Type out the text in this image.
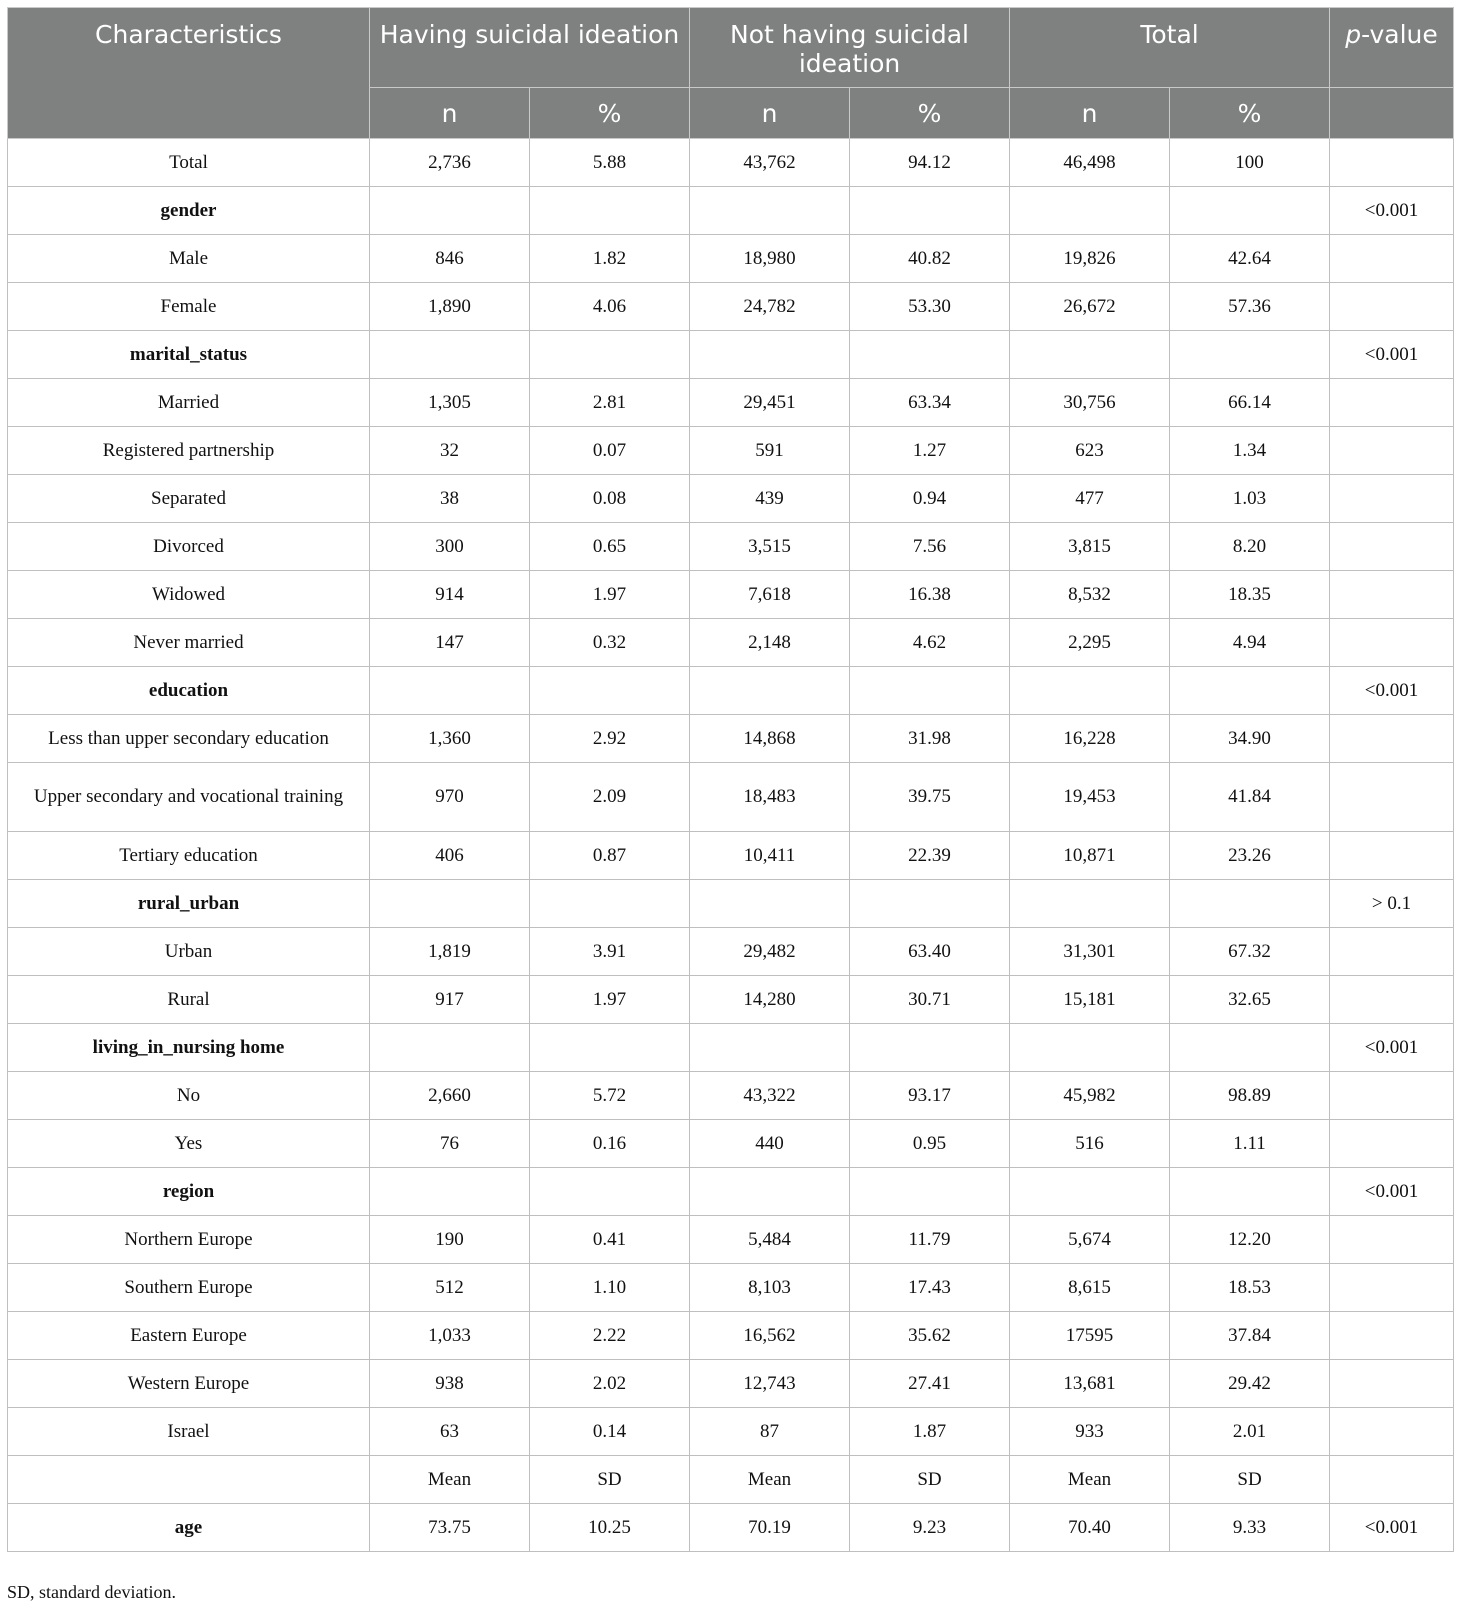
Characteristics	Having suicidal ideation		Not having suicidal ideation		Total		p-value
	n	%	n	%	n	%	
Total	2,736	5.88	43,762	94.12	46,498	100	
gender							<0.001
Male	846	1.82	18,980	40.82	19,826	42.64	
Female	1,890	4.06	24,782	53.30	26,672	57.36	
marital_status							<0.001
Married	1,305	2.81	29,451	63.34	30,756	66.14	
Registered partnership	32	0.07	591	1.27	623	1.34	
Separated	38	0.08	439	0.94	477	1.03	
Divorced	300	0.65	3,515	7.56	3,815	8.20	
Widowed	914	1.97	7,618	16.38	8,532	18.35	
Never married	147	0.32	2,148	4.62	2,295	4.94	
education							<0.001
Less than upper secondary education	1,360	2.92	14,868	31.98	16,228	34.90	
Upper secondary and vocational training	970	2.09	18,483	39.75	19,453	41.84	
Tertiary education	406	0.87	10,411	22.39	10,871	23.26	
rural_urban							> 0.1
Urban	1,819	3.91	29,482	63.40	31,301	67.32	
Rural	917	1.97	14,280	30.71	15,181	32.65	
living_in_nursing home							<0.001
No	2,660	5.72	43,322	93.17	45,982	98.89	
Yes	76	0.16	440	0.95	516	1.11	
region							<0.001
Northern Europe	190	0.41	5,484	11.79	5,674	12.20	
Southern Europe	512	1.10	8,103	17.43	8,615	18.53	
Eastern Europe	1,033	2.22	16,562	35.62	17595	37.84	
Western Europe	938	2.02	12,743	27.41	13,681	29.42	
Israel	63	0.14	87	1.87	933	2.01	
	Mean	SD	Mean	SD	Mean	SD	
age	73.75	10.25	70.19	9.23	70.40	9.33	<0.001
SD, standard deviation.
